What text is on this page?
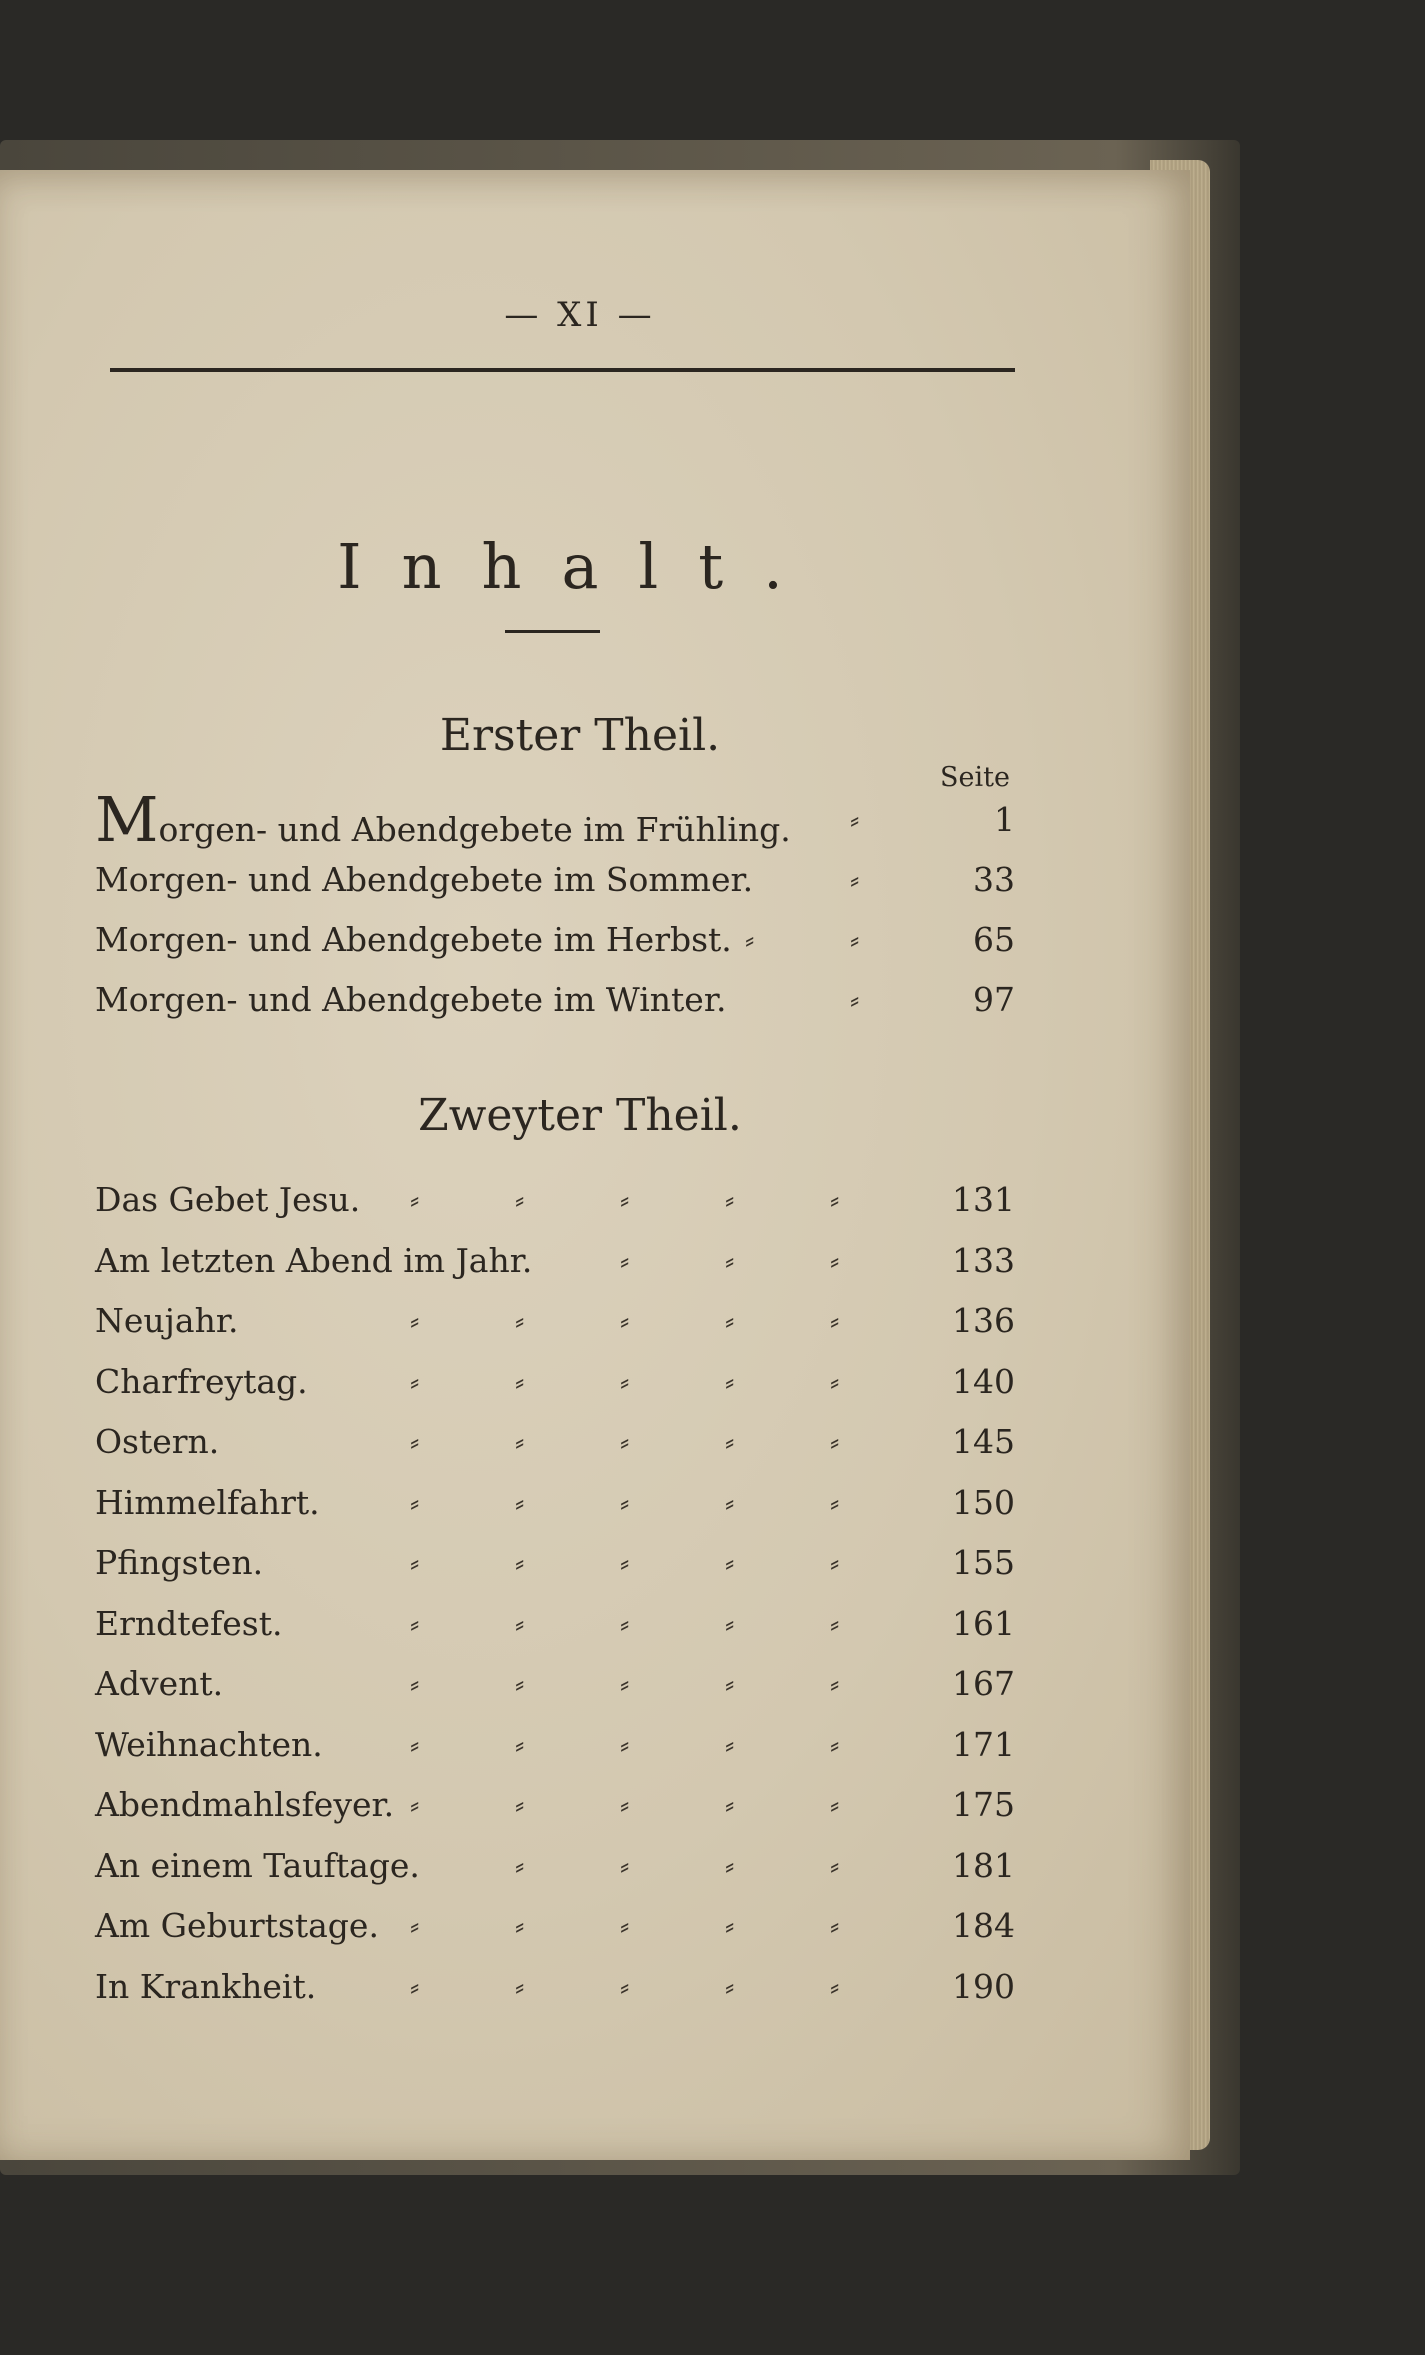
— XI —
Inhalt.
Erster Theil.
Seite
Morgen- und Abendgebete im Frühling. ⸗	1
Morgen- und Abendgebete im Sommer.	⸗	33
Morgen- und Abendgebete im Herbst. ⸗	⸗	65
Morgen- und Abendgebete im Winter.	⸗	97
Zweyter Theil.
Das Gebet Jesu. ⸗	⸗	⸗	⸗	⸗	131
Am letzten Abend im Jahr.	⸗	⸗	⸗	133
Neujahr.	⸗	⸗	⸗	⸗	⸗	136
Charfreytag.	⸗	⸗	⸗	⸗	⸗	140
Ostern.	⸗	⸗	⸗	⸗	⸗	145
Himmelfahrt.	⸗	⸗	⸗	⸗	⸗	150
Pfingsten.	⸗	⸗	⸗	⸗	⸗	155
Erndtefest.	⸗	⸗	⸗	⸗	⸗	161
Advent.	⸗	⸗	⸗	⸗	⸗	167
Weihnachten.	⸗	⸗	⸗	⸗	⸗	171
Abendmahlsfeyer. ⸗	⸗	⸗	⸗	⸗	175
An einem Tauftage.	⸗	⸗	⸗	⸗	181
Am Geburtstage. ⸗	⸗	⸗	⸗	⸗	184
In Krankheit.	⸗	⸗	⸗	⸗	⸗	190
